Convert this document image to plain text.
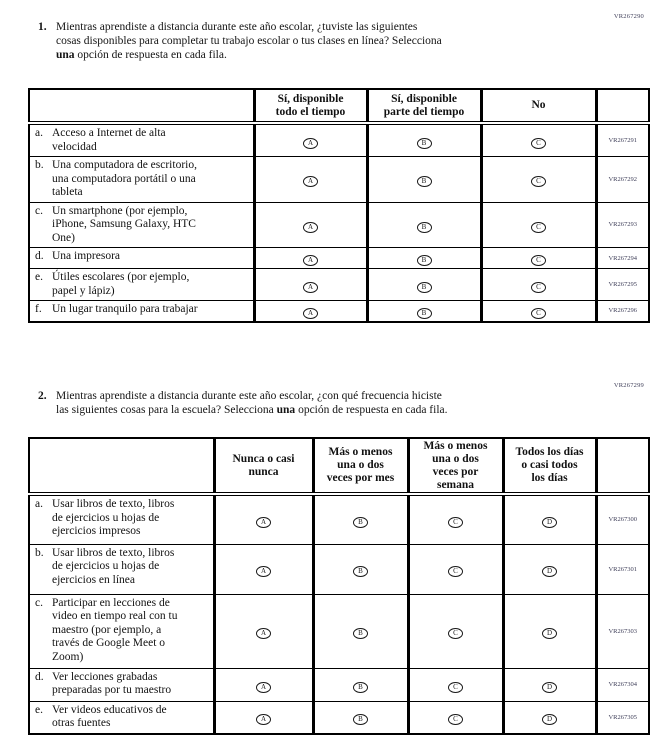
VR267290
1. Mientras aprendiste a distancia durante este año escolar, ¿tuviste las siguientes
cosas disponibles para completar tu trabajo escolar o tus clases en línea? Selecciona
una opción de respuesta en cada fila.

	Sí, disponible
todo el tiempo	Sí, disponible
parte del tiempo	No	

a. Acceso a Internet de alta
velocidad	A	B	C	VR267291

b. Una computadora de escritorio,
una computadora portátil o una
tableta	A	B	C	VR267292

c. Un smartphone (por ejemplo,
iPhone, Samsung Galaxy, HTC
One)	A	B	C	VR267293

d. Una impresora	A	B	C	VR267294

e. Útiles escolares (por ejemplo,
papel y lápiz)	A	B	C	VR267295

f. Un lugar tranquilo para trabajar	A	B	C	VR267296
VR267299
2. Mientras aprendiste a distancia durante este año escolar, ¿con qué frecuencia hiciste
las siguientes cosas para la escuela? Selecciona una opción de respuesta en cada fila.

	Nunca o casi
nunca	Más o menos
una o dos
veces por mes	Más o menos
una o dos
veces por
semana	Todos los días
o casi todos
los días	

a. Usar libros de texto, libros
de ejercicios u hojas de
ejercicios impresos	A	B	C	D	VR267300

b. Usar libros de texto, libros
de ejercicios u hojas de
ejercicios en línea	A	B	C	D	VR267301

c. Participar en lecciones de
video en tiempo real con tu
maestro (por ejemplo, a
través de Google Meet o
Zoom)
	A	B	C	D	VR267303

d. Ver lecciones grabadas
preparadas por tu maestro	A	B	C	D	VR267304

e. Ver videos educativos de
otras fuentes	A	B	C	D	VR267305
